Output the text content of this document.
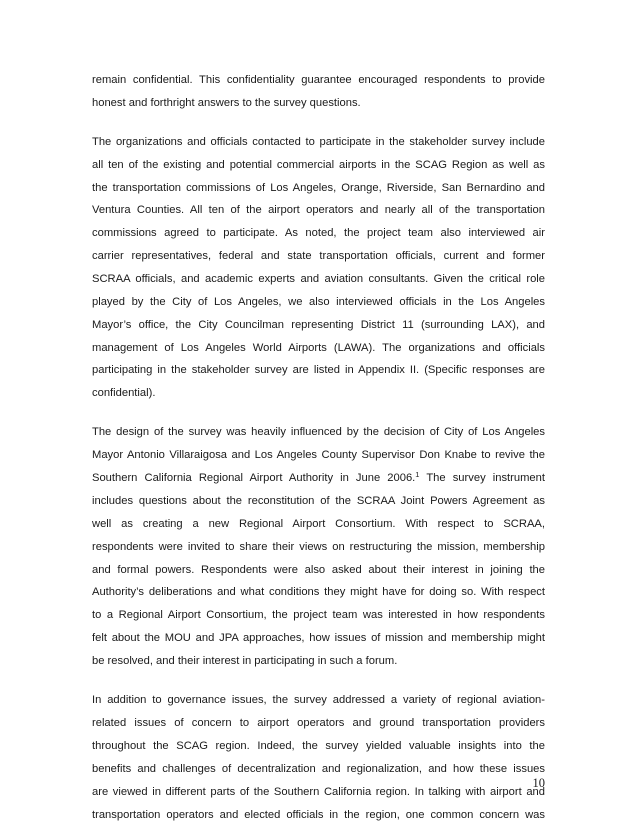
remain confidential. This confidentiality guarantee encouraged respondents to provide
honest and forthright answers to the survey questions.
The organizations and officials contacted to participate in the stakeholder survey include
all ten of the existing and potential commercial airports in the SCAG Region as well as
the transportation commissions of Los Angeles, Orange, Riverside, San Bernardino and
Ventura Counties. All ten of the airport operators and nearly all of the transportation
commissions agreed to participate. As noted, the project team also interviewed air
carrier representatives, federal and state transportation officials, current and former
SCRAA officials, and academic experts and aviation consultants. Given the critical role
played by the City of Los Angeles, we also interviewed officials in the Los Angeles
Mayor’s office, the City Councilman representing District 11 (surrounding LAX), and
management of Los Angeles World Airports (LAWA). The organizations and officials
participating in the stakeholder survey are listed in Appendix II. (Specific responses are
confidential).
The design of the survey was heavily influenced by the decision of City of Los Angeles
Mayor Antonio Villaraigosa and Los Angeles County Supervisor Don Knabe to revive the
Southern California Regional Airport Authority in June 2006.$^1$ The survey instrument
includes questions about the reconstitution of the SCRAA Joint Powers Agreement as
well as creating a new Regional Airport Consortium. With respect to SCRAA,
respondents were invited to share their views on restructuring the mission, membership
and formal powers. Respondents were also asked about their interest in joining the
Authority’s deliberations and what conditions they might have for doing so. With respect
to a Regional Airport Consortium, the project team was interested in how respondents
felt about the MOU and JPA approaches, how issues of mission and membership might
be resolved, and their interest in participating in such a forum.
In addition to governance issues, the survey addressed a variety of regional aviation-
related issues of concern to airport operators and ground transportation providers
throughout the SCAG region. Indeed, the survey yielded valuable insights into the
benefits and challenges of decentralization and regionalization, and how these issues
are viewed in different parts of the Southern California region. In talking with airport and
transportation operators and elected officials in the region, one common concern was
10
